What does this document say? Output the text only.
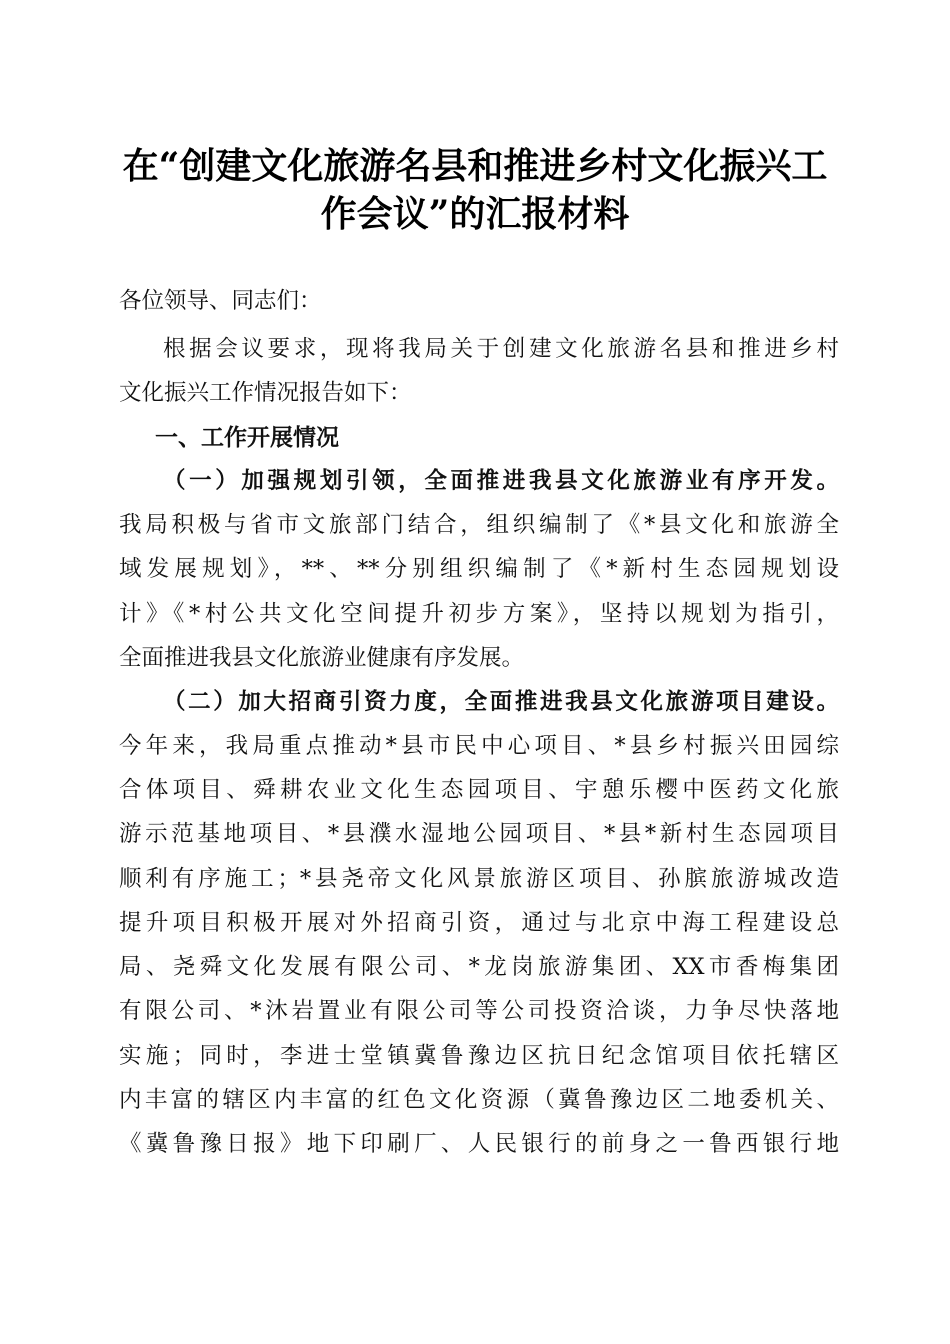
在“创建文化旅游名县和推进乡村文化振兴工
作会议”的汇报材料
各位领导、同志们：
根据会议要求，现将我局关于创建文化旅游名县和推进乡村
文化振兴工作情况报告如下：
一、工作开展情况
（一）加强规划引领，全面推进我县文化旅游业有序开发。
我局积极与省市文旅部门结合，组织编制了《*县文化和旅游全
域发展规划》，**、**分别组织编制了《*新村生态园规划设
计》《*村公共文化空间提升初步方案》，坚持以规划为指引，
全面推进我县文化旅游业健康有序发展。
（二）加大招商引资力度，全面推进我县文化旅游项目建设。
今年来，我局重点推动*县市民中心项目、*县乡村振兴田园综
合体项目、舜耕农业文化生态园项目、宇憩乐樱中医药文化旅
游示范基地项目、*县濮水湿地公园项目、*县*新村生态园项目
顺利有序施工；*县尧帝文化风景旅游区项目、孙膑旅游城改造
提升项目积极开展对外招商引资，通过与北京中海工程建设总
局、尧舜文化发展有限公司、*龙岗旅游集团、XX市香梅集团
有限公司、*沐岩置业有限公司等公司投资洽谈，力争尽快落地
实施；同时，李进士堂镇冀鲁豫边区抗日纪念馆项目依托辖区
内丰富的辖区内丰富的红色文化资源（冀鲁豫边区二地委机关、
《冀鲁豫日报》地下印刷厂、人民银行的前身之一鲁西银行地
